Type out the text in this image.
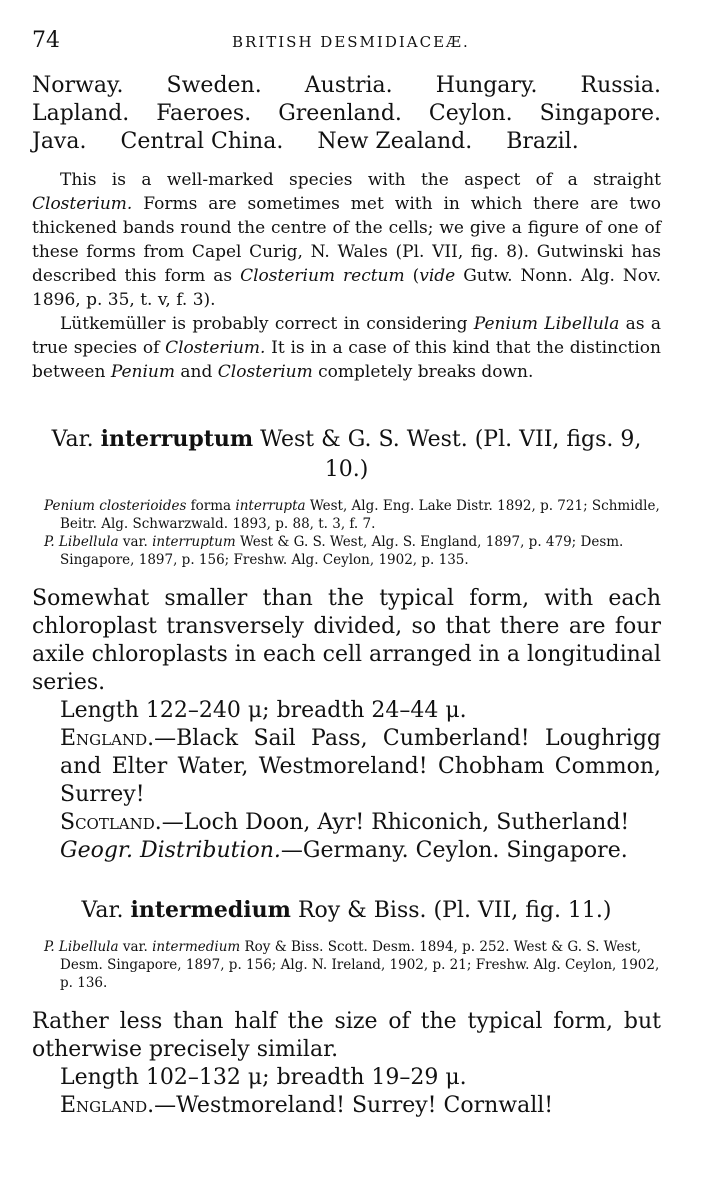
74	BRITISH DESMIDIACEÆ.
Norway. Sweden. Austria. Hungary. Russia.
Lapland. Faeroes. Greenland. Ceylon. Singapore.
Java. Central China. New Zealand. Brazil.

This is a well-marked species with the aspect of a straight Closterium. Forms are sometimes met with in which there are two thickened bands round the centre of the cells; we give a figure of one of these forms from Capel Curig, N. Wales (Pl. VII, fig. 8). Gutwinski has described this form as Closterium rectum (vide Gutw. Nonn. Alg. Nov. 1896, p. 35, t. v, f. 3).

Lütkemüller is probably correct in considering Penium Libellula as a true species of Closterium. It is in a case of this kind that the distinction between Penium and Closterium completely breaks down.

Var. interruptum West & G. S. West. (Pl. VII, figs. 9, 10.)

Penium closterioides forma interrupta West, Alg. Eng. Lake Distr. 1892, p. 721; Schmidle, Beitr. Alg. Schwarzwald. 1893, p. 88, t. 3, f. 7.

P. Libellula var. interruptum West & G. S. West, Alg. S. England, 1897, p. 479; Desm. Singapore, 1897, p. 156; Freshw. Alg. Ceylon, 1902, p. 135.

Somewhat smaller than the typical form, with each chloroplast transversely divided, so that there are four axile chloroplasts in each cell arranged in a longitudinal series.

Length 122–240 μ; breadth 24–44 μ.

England.—Black Sail Pass, Cumberland! Loughrigg and Elter Water, Westmoreland! Chobham Common, Surrey!

Scotland.—Loch Doon, Ayr! Rhiconich, Sutherland!

Geogr. Distribution.—Germany. Ceylon. Singapore.

Var. intermedium Roy & Biss. (Pl. VII, fig. 11.)

P. Libellula var. intermedium Roy & Biss. Scott. Desm. 1894, p. 252. West & G. S. West, Desm. Singapore, 1897, p. 156; Alg. N. Ireland, 1902, p. 21; Freshw. Alg. Ceylon, 1902, p. 136.

Rather less than half the size of the typical form, but otherwise precisely similar.

Length 102–132 μ; breadth 19–29 μ.

England.—Westmoreland! Surrey! Cornwall!
